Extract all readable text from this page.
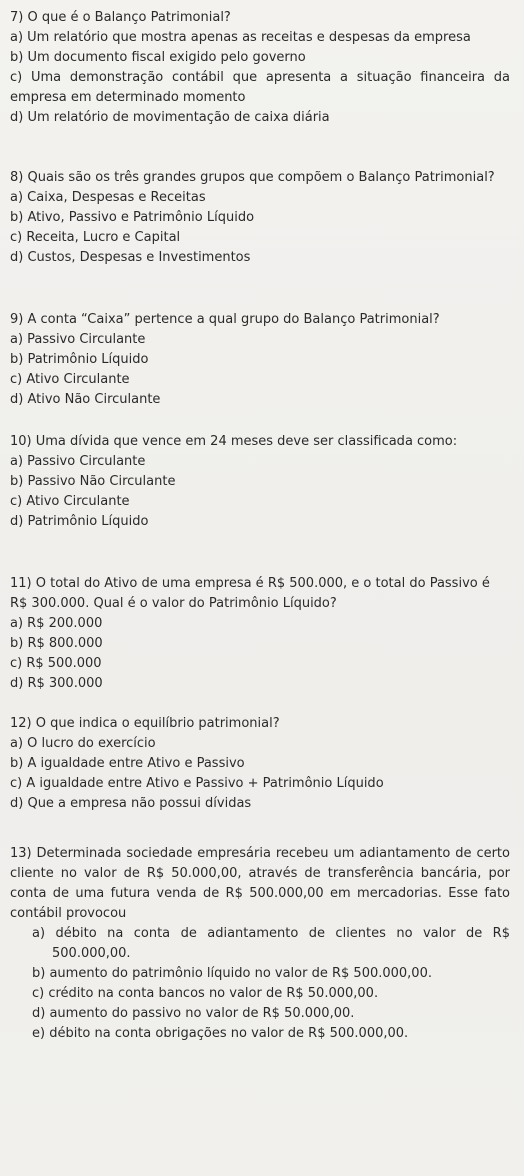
7) O que é o Balanço Patrimonial?

a) Um relatório que mostra apenas as receitas e despesas da empresa

b) Um documento fiscal exigido pelo governo

c) Uma demonstração contábil que apresenta a situação financeira da empresa em determinado momento

d) Um relatório de movimentação de caixa diária

8) Quais são os três grandes grupos que compõem o Balanço Patrimonial?

a) Caixa, Despesas e Receitas

b) Ativo, Passivo e Patrimônio Líquido

c) Receita, Lucro e Capital

d) Custos, Despesas e Investimentos

9) A conta “Caixa” pertence a qual grupo do Balanço Patrimonial?

a) Passivo Circulante

b) Patrimônio Líquido

c) Ativo Circulante

d) Ativo Não Circulante

10) Uma dívida que vence em 24 meses deve ser classificada como:

a) Passivo Circulante

b) Passivo Não Circulante

c) Ativo Circulante

d) Patrimônio Líquido

11) O total do Ativo de uma empresa é R$ 500.000, e o total do Passivo é R$ 300.000. Qual é o valor do Patrimônio Líquido?

a) R$ 200.000

b) R$ 800.000

c) R$ 500.000

d) R$ 300.000

12) O que indica o equilíbrio patrimonial?

a) O lucro do exercício

b) A igualdade entre Ativo e Passivo

c) A igualdade entre Ativo e Passivo + Patrimônio Líquido

d) Que a empresa não possui dívidas

13) Determinada sociedade empresária recebeu um adiantamento de certo cliente no valor de R$ 50.000,00, através de transferência bancária, por conta de uma futura venda de R$ 500.000,00 em mercadorias. Esse fato contábil provocou

a) débito na conta de adiantamento de clientes no valor de R$ 500.000,00.

b) aumento do patrimônio líquido no valor de R$ 500.000,00.

c) crédito na conta bancos no valor de R$ 50.000,00.

d) aumento do passivo no valor de R$ 50.000,00.

e) débito na conta obrigações no valor de R$ 500.000,00.
